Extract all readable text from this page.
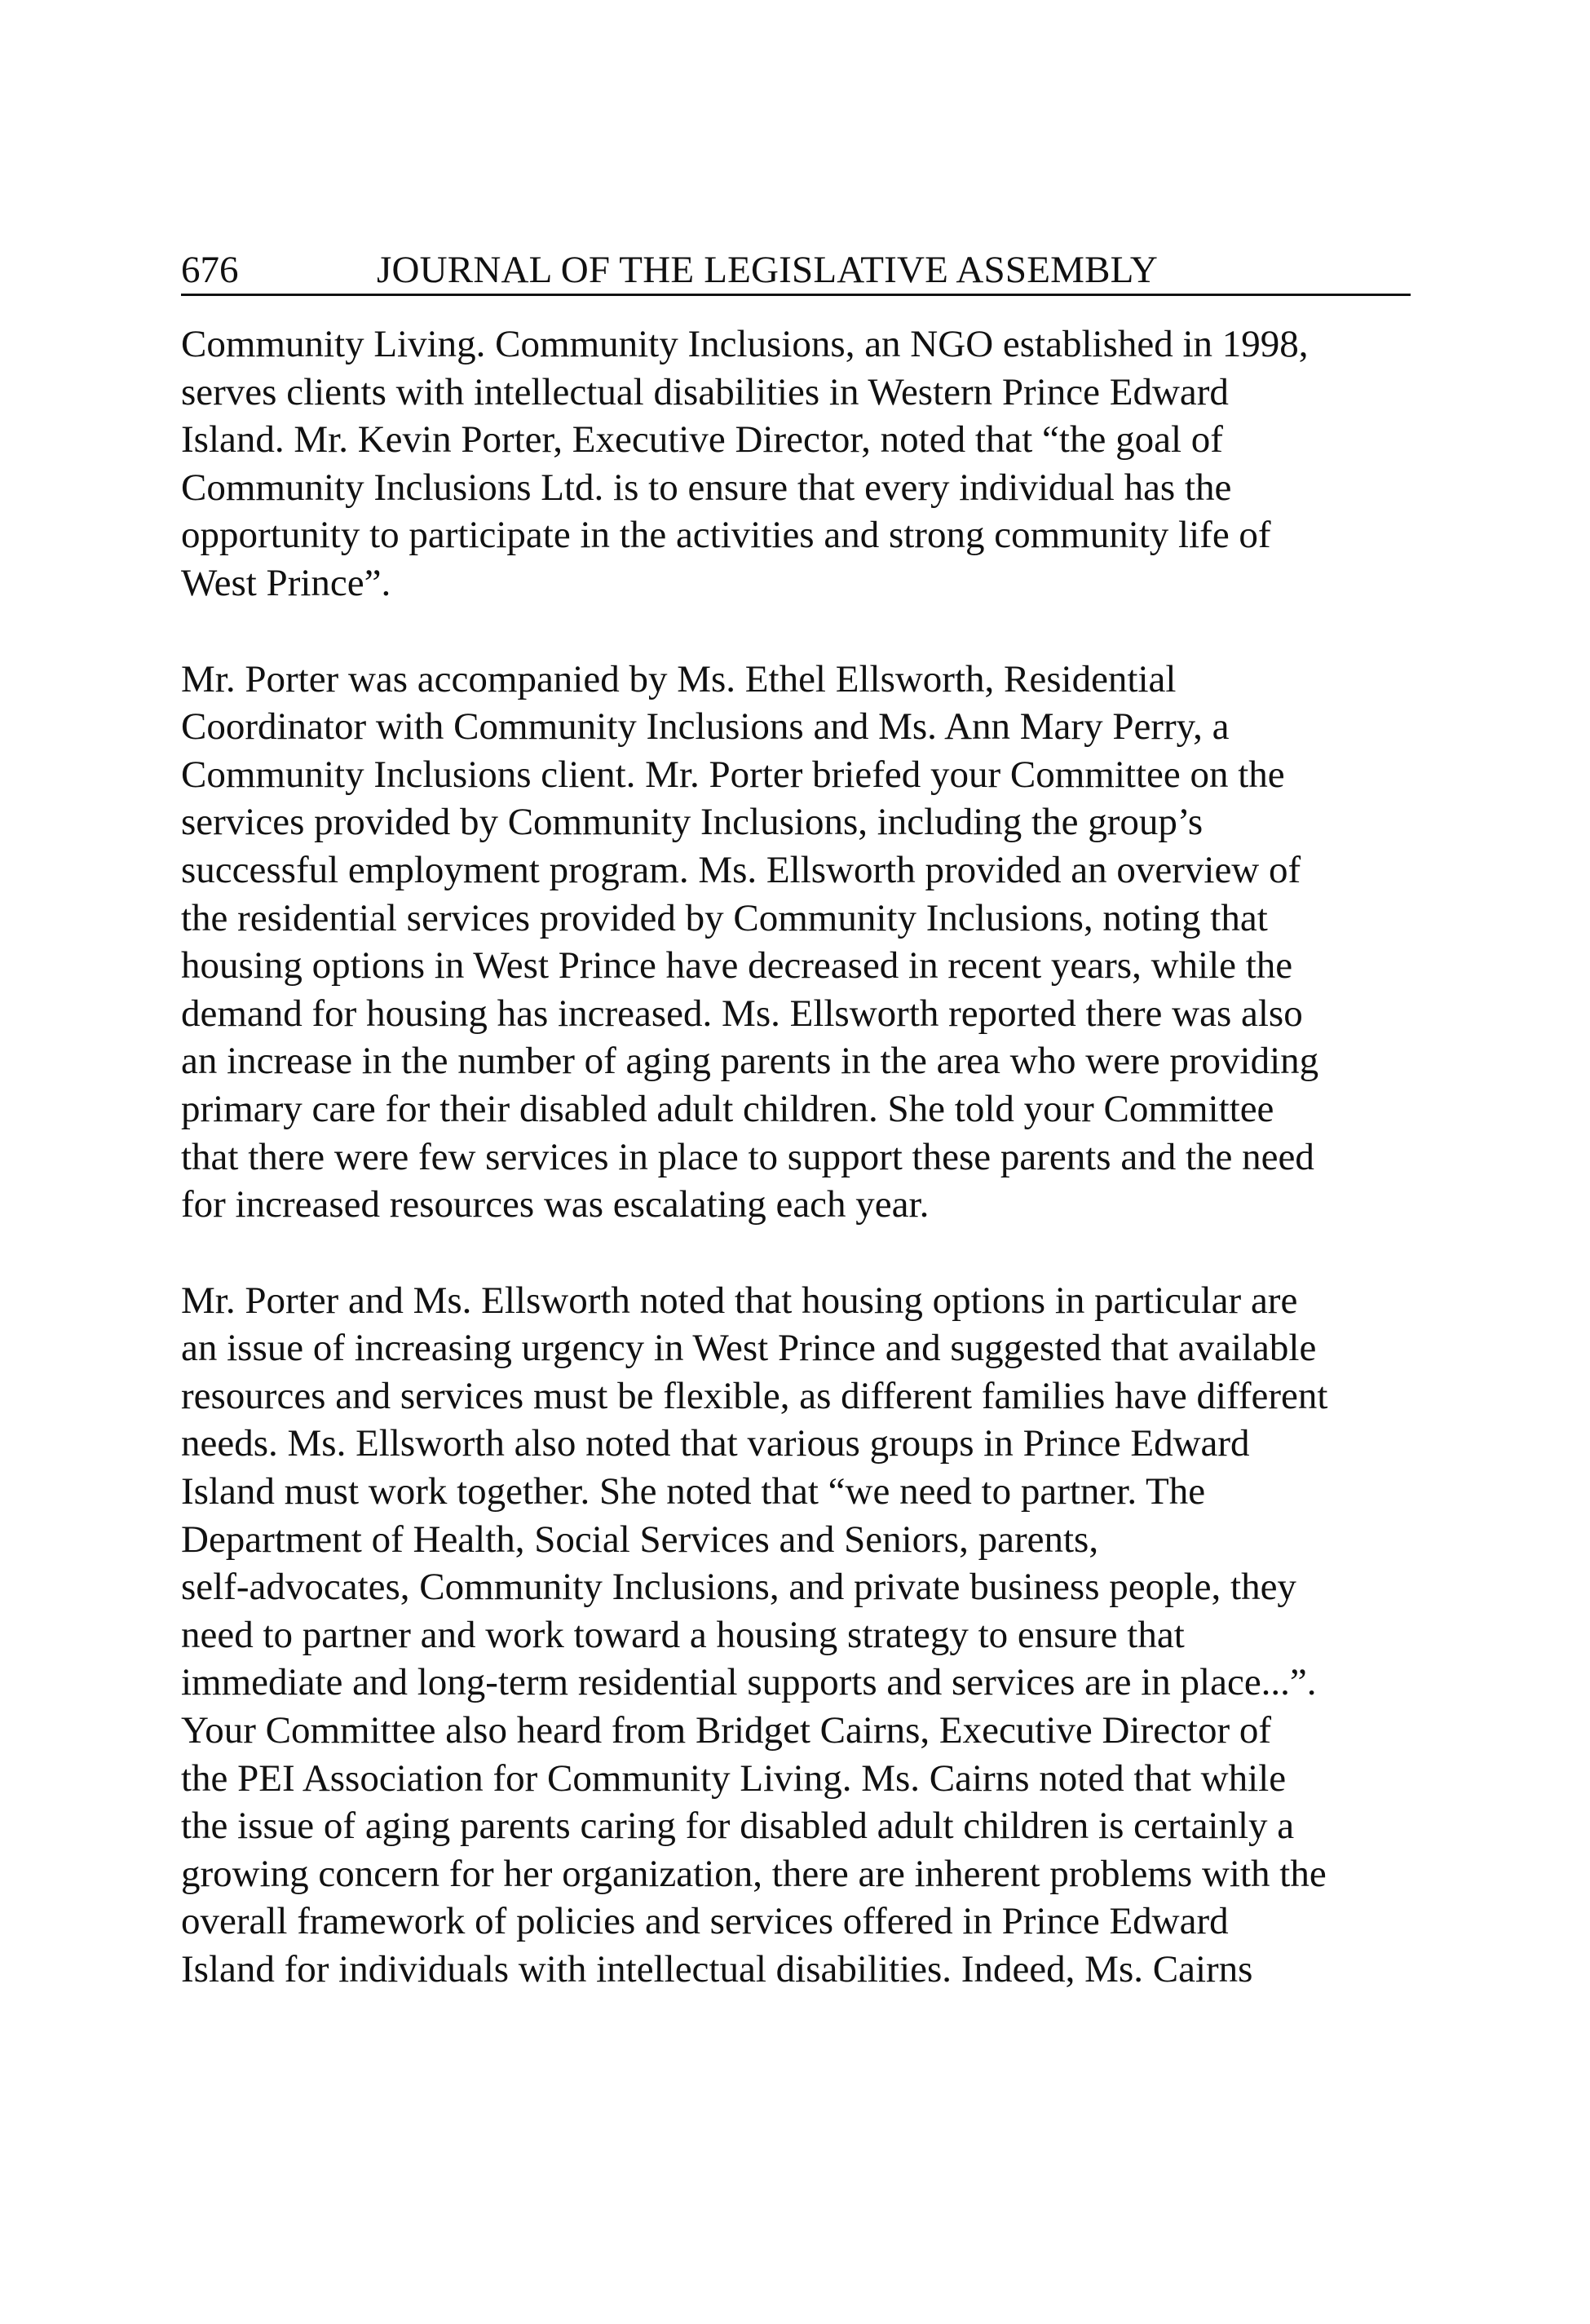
676	JOURNAL OF THE LEGISLATIVE ASSEMBLY
Community Living. Community Inclusions, an NGO established in 1998,
serves clients with intellectual disabilities in Western Prince Edward
Island. Mr. Kevin Porter, Executive Director, noted that “the goal of
Community Inclusions Ltd. is to ensure that every individual has the
opportunity to participate in the activities and strong community life of
West Prince”.
Mr. Porter was accompanied by Ms. Ethel Ellsworth, Residential
Coordinator with Community Inclusions and Ms. Ann Mary Perry, a
Community Inclusions client. Mr. Porter briefed your Committee on the
services provided by Community Inclusions, including the group’s
successful employment program. Ms. Ellsworth provided an overview of
the residential services provided by Community Inclusions, noting that
housing options in West Prince have decreased in recent years, while the
demand for housing has increased. Ms. Ellsworth reported there was also
an increase in the number of aging parents in the area who were providing
primary care for their disabled adult children. She told your Committee
that there were few services in place to support these parents and the need
for increased resources was escalating each year.
Mr. Porter and Ms. Ellsworth noted that housing options in particular are
an issue of increasing urgency in West Prince and suggested that available
resources and services must be flexible, as different families have different
needs. Ms. Ellsworth also noted that various groups in Prince Edward
Island must work together. She noted that “we need to partner. The
Department of Health, Social Services and Seniors, parents,
self-advocates, Community Inclusions, and private business people, they
need to partner and work toward a housing strategy to ensure that
immediate and long-term residential supports and services are in place...”.
Your Committee also heard from Bridget Cairns, Executive Director of
the PEI Association for Community Living. Ms. Cairns noted that while
the issue of aging parents caring for disabled adult children is certainly a
growing concern for her organization, there are inherent problems with the
overall framework of policies and services offered in Prince Edward
Island for individuals with intellectual disabilities. Indeed, Ms. Cairns
